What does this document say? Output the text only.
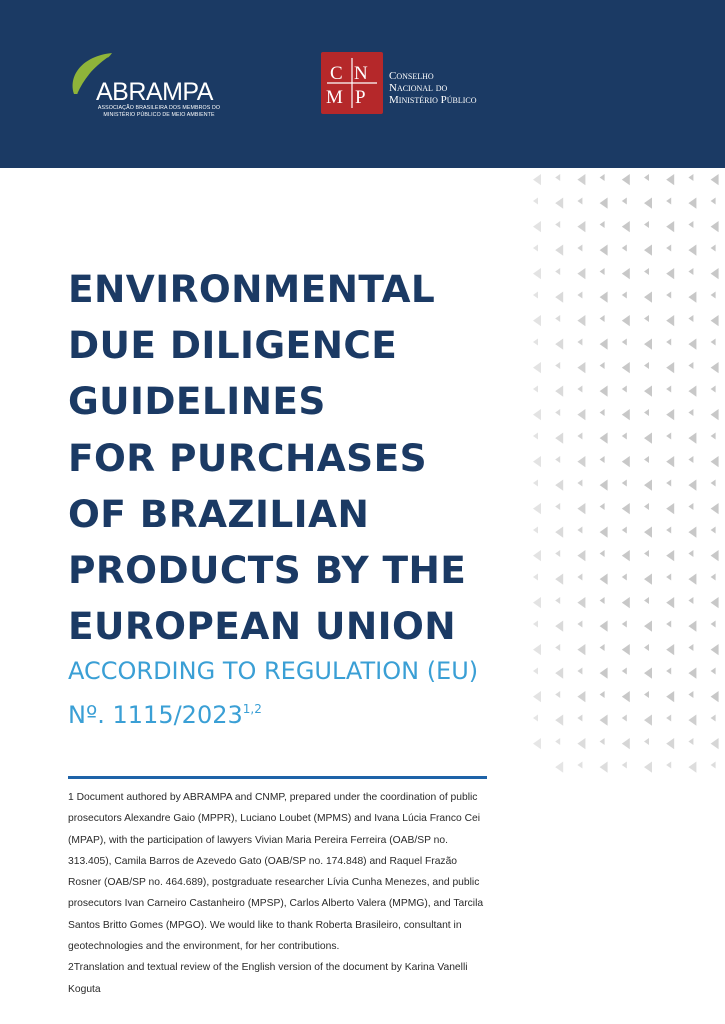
ABRAMPA
ASSOCIAÇÃO BRASILEIRA DOS MEMBROS DO MINISTÉRIO PÚBLICO DE MEIO AMBIENTE
C N
M P
Conselho
Nacional do
Ministério Público
ENVIRONMENTAL
DUE DILIGENCE
GUIDELINES
FOR PURCHASES
OF BRAZILIAN
PRODUCTS BY THE
EUROPEAN UNION
ACCORDING TO REGULATION (EU)
Nº. 1115/2023$^{1,2}$

1 Document authored by ABRAMPA and CNMP, prepared under the coordination of public prosecutors Alexandre Gaio (MPPR), Luciano Loubet (MPMS) and Ivana Lúcia Franco Cei (MPAP), with the participation of lawyers Vivian Maria Pereira Ferreira (OAB/SP no. 313.405), Camila Barros de Azevedo Gato (OAB/SP no. 174.848) and Raquel Frazão Rosner (OAB/SP no. 464.689), postgraduate researcher Lívia Cunha Menezes, and public prosecutors Ivan Carneiro Castanheiro (MPSP), Carlos Alberto Valera (MPMG), and Tarcila Santos Britto Gomes (MPGO). We would like to thank Roberta Brasileiro, consultant in geotechnologies and the environment, for her contributions.

2Translation and textual review of the English version of the document by Karina Vanelli Koguta
